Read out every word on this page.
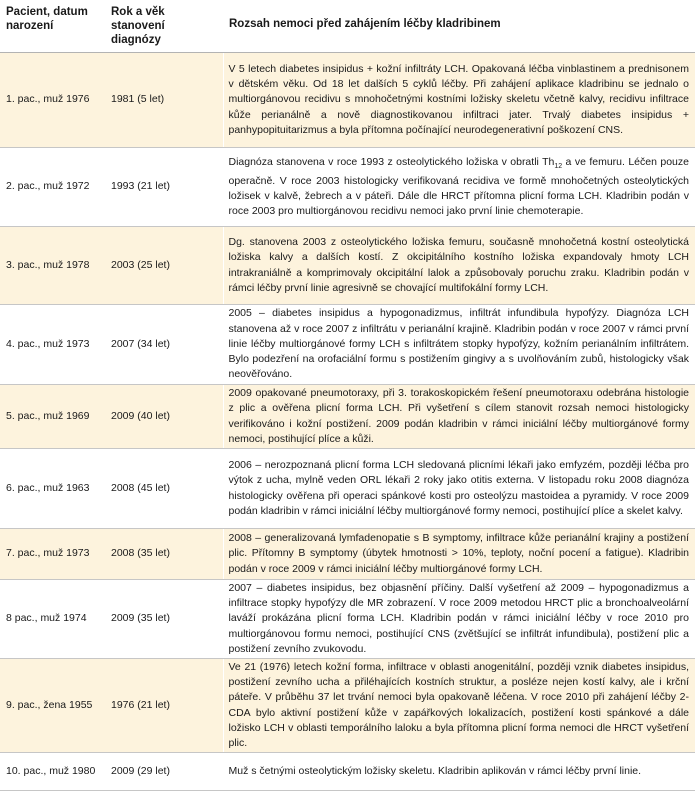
Pacient, datum narození	Rok a věk stanovení diagnózy	Rozsah nemoci před zahájením léčby kladribinem
1. pac., muž 1976	1981 (5 let)	V 5 letech diabetes insipidus + kožní infiltráty LCH. Opakovaná léčba vinblastinem a prednisonem v dětském věku. Od 18 let dalších 5 cyklů léčby. Při zahájení aplikace kladribinu se jednalo o multiorgánovou recidivu s mnohočetnými kostními ložisky skeletu včetně kalvy, recidivu infiltrace kůže perianálně a nově diagnostikovanou infiltraci jater. Trvalý diabetes insipidus + panhypopituitarizmus a byla přítomna počínající neurodegenerativní poškození CNS.
2. pac., muž 1972	1993 (21 let)	Diagnóza stanovena v roce 1993 z osteolytického ložiska v obratli $Th_{12}$ a ve femuru. Léčen pouze operačně. V roce 2003 histologicky verifikovaná recidiva ve formě mnohočetných osteolytických ložisek v kalvě, žebrech a v páteři. Dále dle HRCT přítomna plicní forma LCH. Kladribin podán v roce 2003 pro multiorgánovou recidivu nemoci jako první linie chemoterapie.
3. pac., muž 1978	2003 (25 let)	Dg. stanovena 2003 z osteolytického ložiska femuru, současně mnohočetná kostní osteolytická ložiska kalvy a dalších kostí. Z okcipitálního kostního ložiska expandovaly hmoty LCH intrakraniálně a komprimovaly okcipitální lalok a způsobovaly poruchu zraku. Kladribin podán v rámci léčby první linie agresivně se chovající multifokální formy LCH.
4. pac., muž 1973	2007 (34 let)	2005 – diabetes insipidus a hypogonadizmus, infiltrát infundibula hypofýzy. Diagnóza LCH stanovena až v roce 2007 z infiltrátu v perianální krajině. Kladribin podán v roce 2007 v rámci první linie léčby multiorgánové formy LCH s infiltrátem stopky hypofýzy, kožním perianálním infiltrátem. Bylo podezření na orofaciální formu s postižením gingivy a s uvolňováním zubů, histologicky však neověřováno.
5. pac., muž 1969	2009 (40 let)	2009 opakované pneumotoraxy, při 3. torakoskopickém řešení pneumotoraxu odebrána histologie z plic a ověřena plicní forma LCH. Při vyšetření s cílem stanovit rozsah nemoci histologicky verifikováno i kožní postižení. 2009 podán kladribin v rámci iniciální léčby multiorgánové formy nemoci, postihující plíce a kůži.
6. pac., muž 1963	2008 (45 let)	2006 – nerozpoznaná plicní forma LCH sledovaná plicními lékaři jako emfyzém, později léčba pro výtok z ucha, mylně veden ORL lékaři 2 roky jako otitis externa. V listopadu roku 2008 diagnóza histologicky ověřena při operaci spánkové kosti pro osteolýzu mastoidea a pyramidy. V roce 2009 podán kladribin v rámci iniciální léčby multiorgánové formy nemoci, postihující plíce a skelet kalvy.
7. pac., muž 1973	2008 (35 let)	2008 – generalizovaná lymfadenopatie s B symptomy, infiltrace kůže perianální krajiny a postižení plic. Přítomny B symptomy (úbytek hmotnosti > 10%, teploty, noční pocení a fatigue). Kladribin podán v roce 2009 v rámci iniciální léčby multiorgánové formy LCH.
8 pac., muž 1974	2009 (35 let)	2007 – diabetes insipidus, bez objasnění příčiny. Další vyšetření až 2009 – hypogonadizmus a infiltrace stopky hypofýzy dle MR zobrazení. V roce 2009 metodou HRCT plic a bronchoalveolární laváží prokázána plicní forma LCH. Kladribin podán v rámci iniciální léčby v roce 2010 pro multiorgánovou formu nemoci, postihující CNS (zvětšující se infiltrát infundibula), postižení plic a postižení zevního zvukovodu.
9. pac., žena 1955	1976 (21 let)	Ve 21 (1976) letech kožní forma, infiltrace v oblasti anogenitální, později vznik diabetes insipidus, postižení zevního ucha a přiléhajících kostních struktur, a posléze nejen kostí kalvy, ale i krční páteře. V průběhu 37 let trvání nemoci byla opakovaně léčena. V roce 2010 při zahájení léčby 2-CDA bylo aktivní postižení kůže v zapářkových lokalizacích, postižení kosti spánkové a dále ložisko LCH v oblasti temporálního laloku a byla přítomna plicní forma nemoci dle HRCT vyšetření plic.
10. pac., muž 1980	2009 (29 let)	Muž s četnými osteolytickým ložisky skeletu. Kladribin aplikován v rámci léčby první linie.
